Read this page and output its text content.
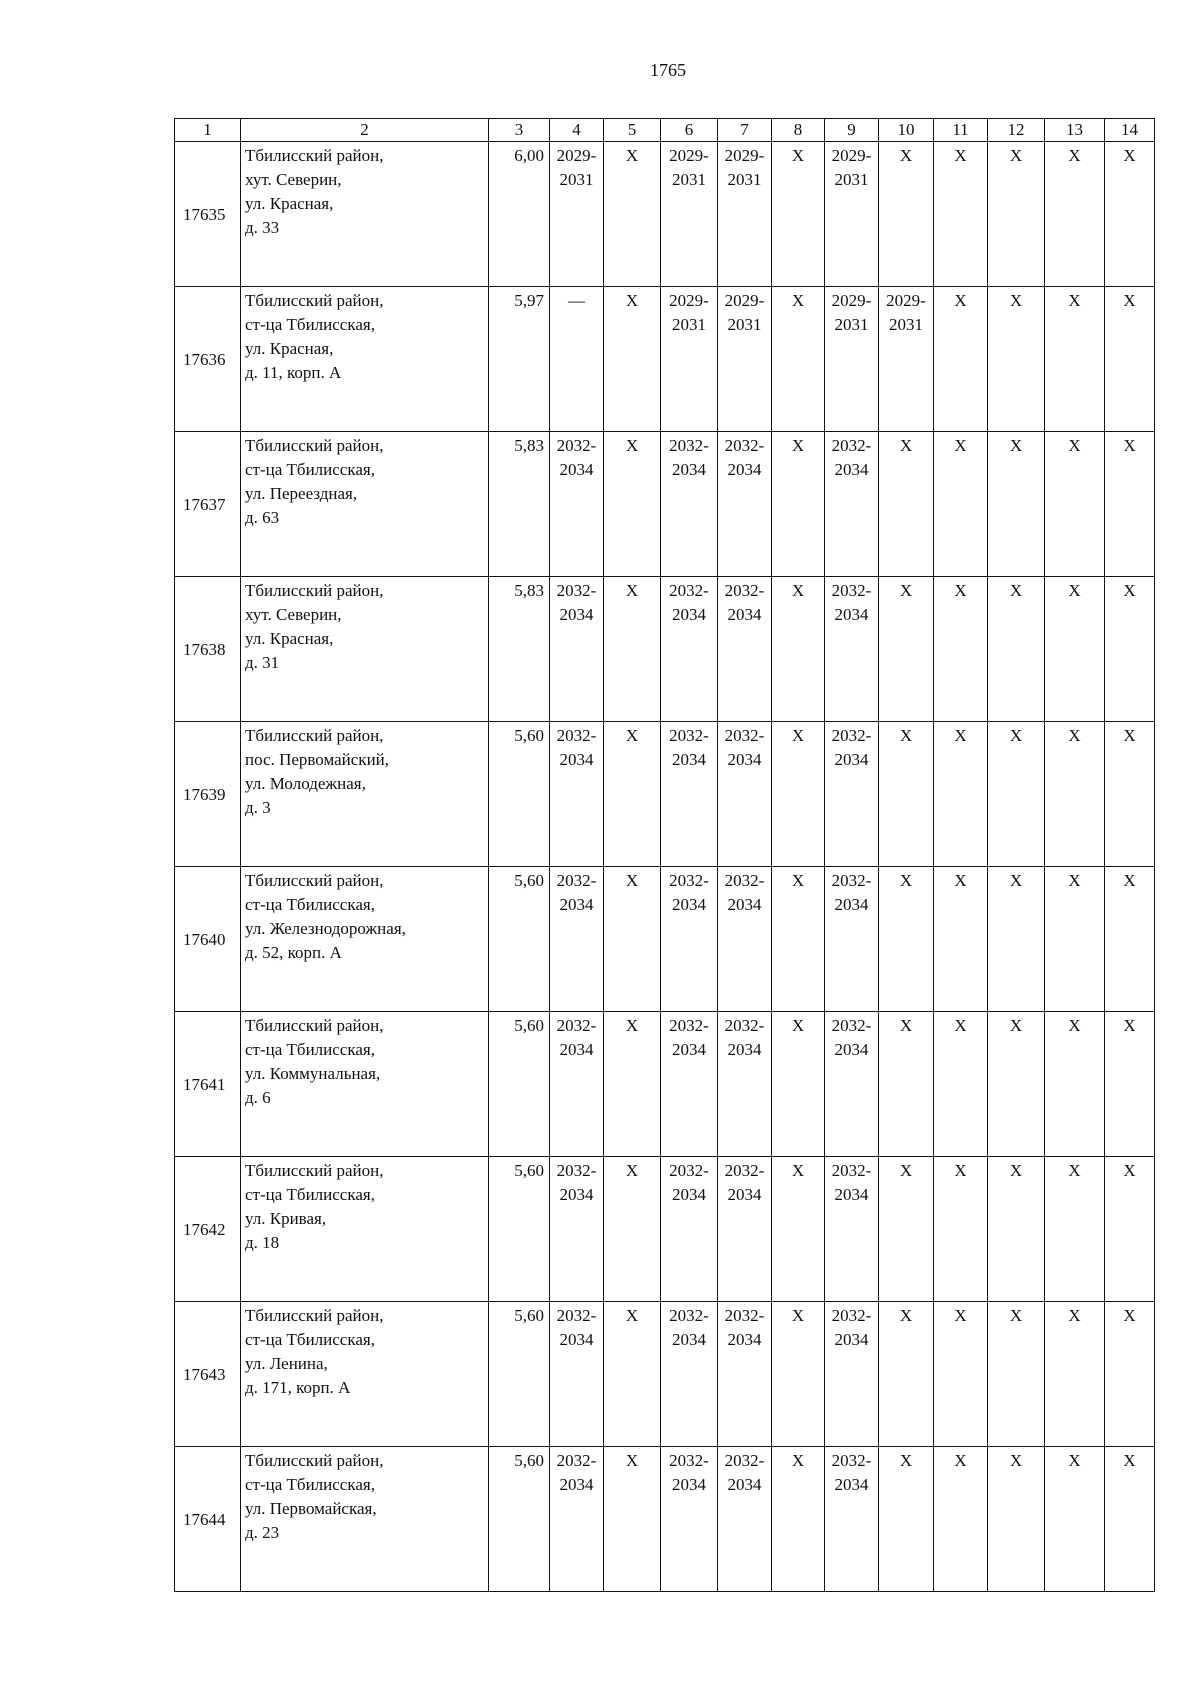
1765
1	2	3	4	5	6	7	8	9	10	11	12	13	14
17635	Тбилисский район,
хут. Северин,
ул. Красная,
д. 33	6,00	2029-
2031	X	2029-
2031	2029-
2031	X	2029-
2031	X	X	X	X	X
17636	Тбилисский район,
ст-ца Тбилисская,
ул. Красная,
д. 11, корп. А	5,97	—	X	2029-
2031	2029-
2031	X	2029-
2031	2029-
2031	X	X	X	X
17637	Тбилисский район,
ст-ца Тбилисская,
ул. Переездная,
д. 63	5,83	2032-
2034	X	2032-
2034	2032-
2034	X	2032-
2034	X	X	X	X	X
17638	Тбилисский район,
хут. Северин,
ул. Красная,
д. 31	5,83	2032-
2034	X	2032-
2034	2032-
2034	X	2032-
2034	X	X	X	X	X
17639	Тбилисский район,
пос. Первомайский,
ул. Молодежная,
д. 3	5,60	2032-
2034	X	2032-
2034	2032-
2034	X	2032-
2034	X	X	X	X	X
17640	Тбилисский район,
ст-ца Тбилисская,
ул. Железнодорожная,
д. 52, корп. А	5,60	2032-
2034	X	2032-
2034	2032-
2034	X	2032-
2034	X	X	X	X	X
17641	Тбилисский район,
ст-ца Тбилисская,
ул. Коммунальная,
д. 6	5,60	2032-
2034	X	2032-
2034	2032-
2034	X	2032-
2034	X	X	X	X	X
17642	Тбилисский район,
ст-ца Тбилисская,
ул. Кривая,
д. 18	5,60	2032-
2034	X	2032-
2034	2032-
2034	X	2032-
2034	X	X	X	X	X
17643	Тбилисский район,
ст-ца Тбилисская,
ул. Ленина,
д. 171, корп. А	5,60	2032-
2034	X	2032-
2034	2032-
2034	X	2032-
2034	X	X	X	X	X
17644	Тбилисский район,
ст-ца Тбилисская,
ул. Первомайская,
д. 23	5,60	2032-
2034	X	2032-
2034	2032-
2034	X	2032-
2034	X	X	X	X	X
